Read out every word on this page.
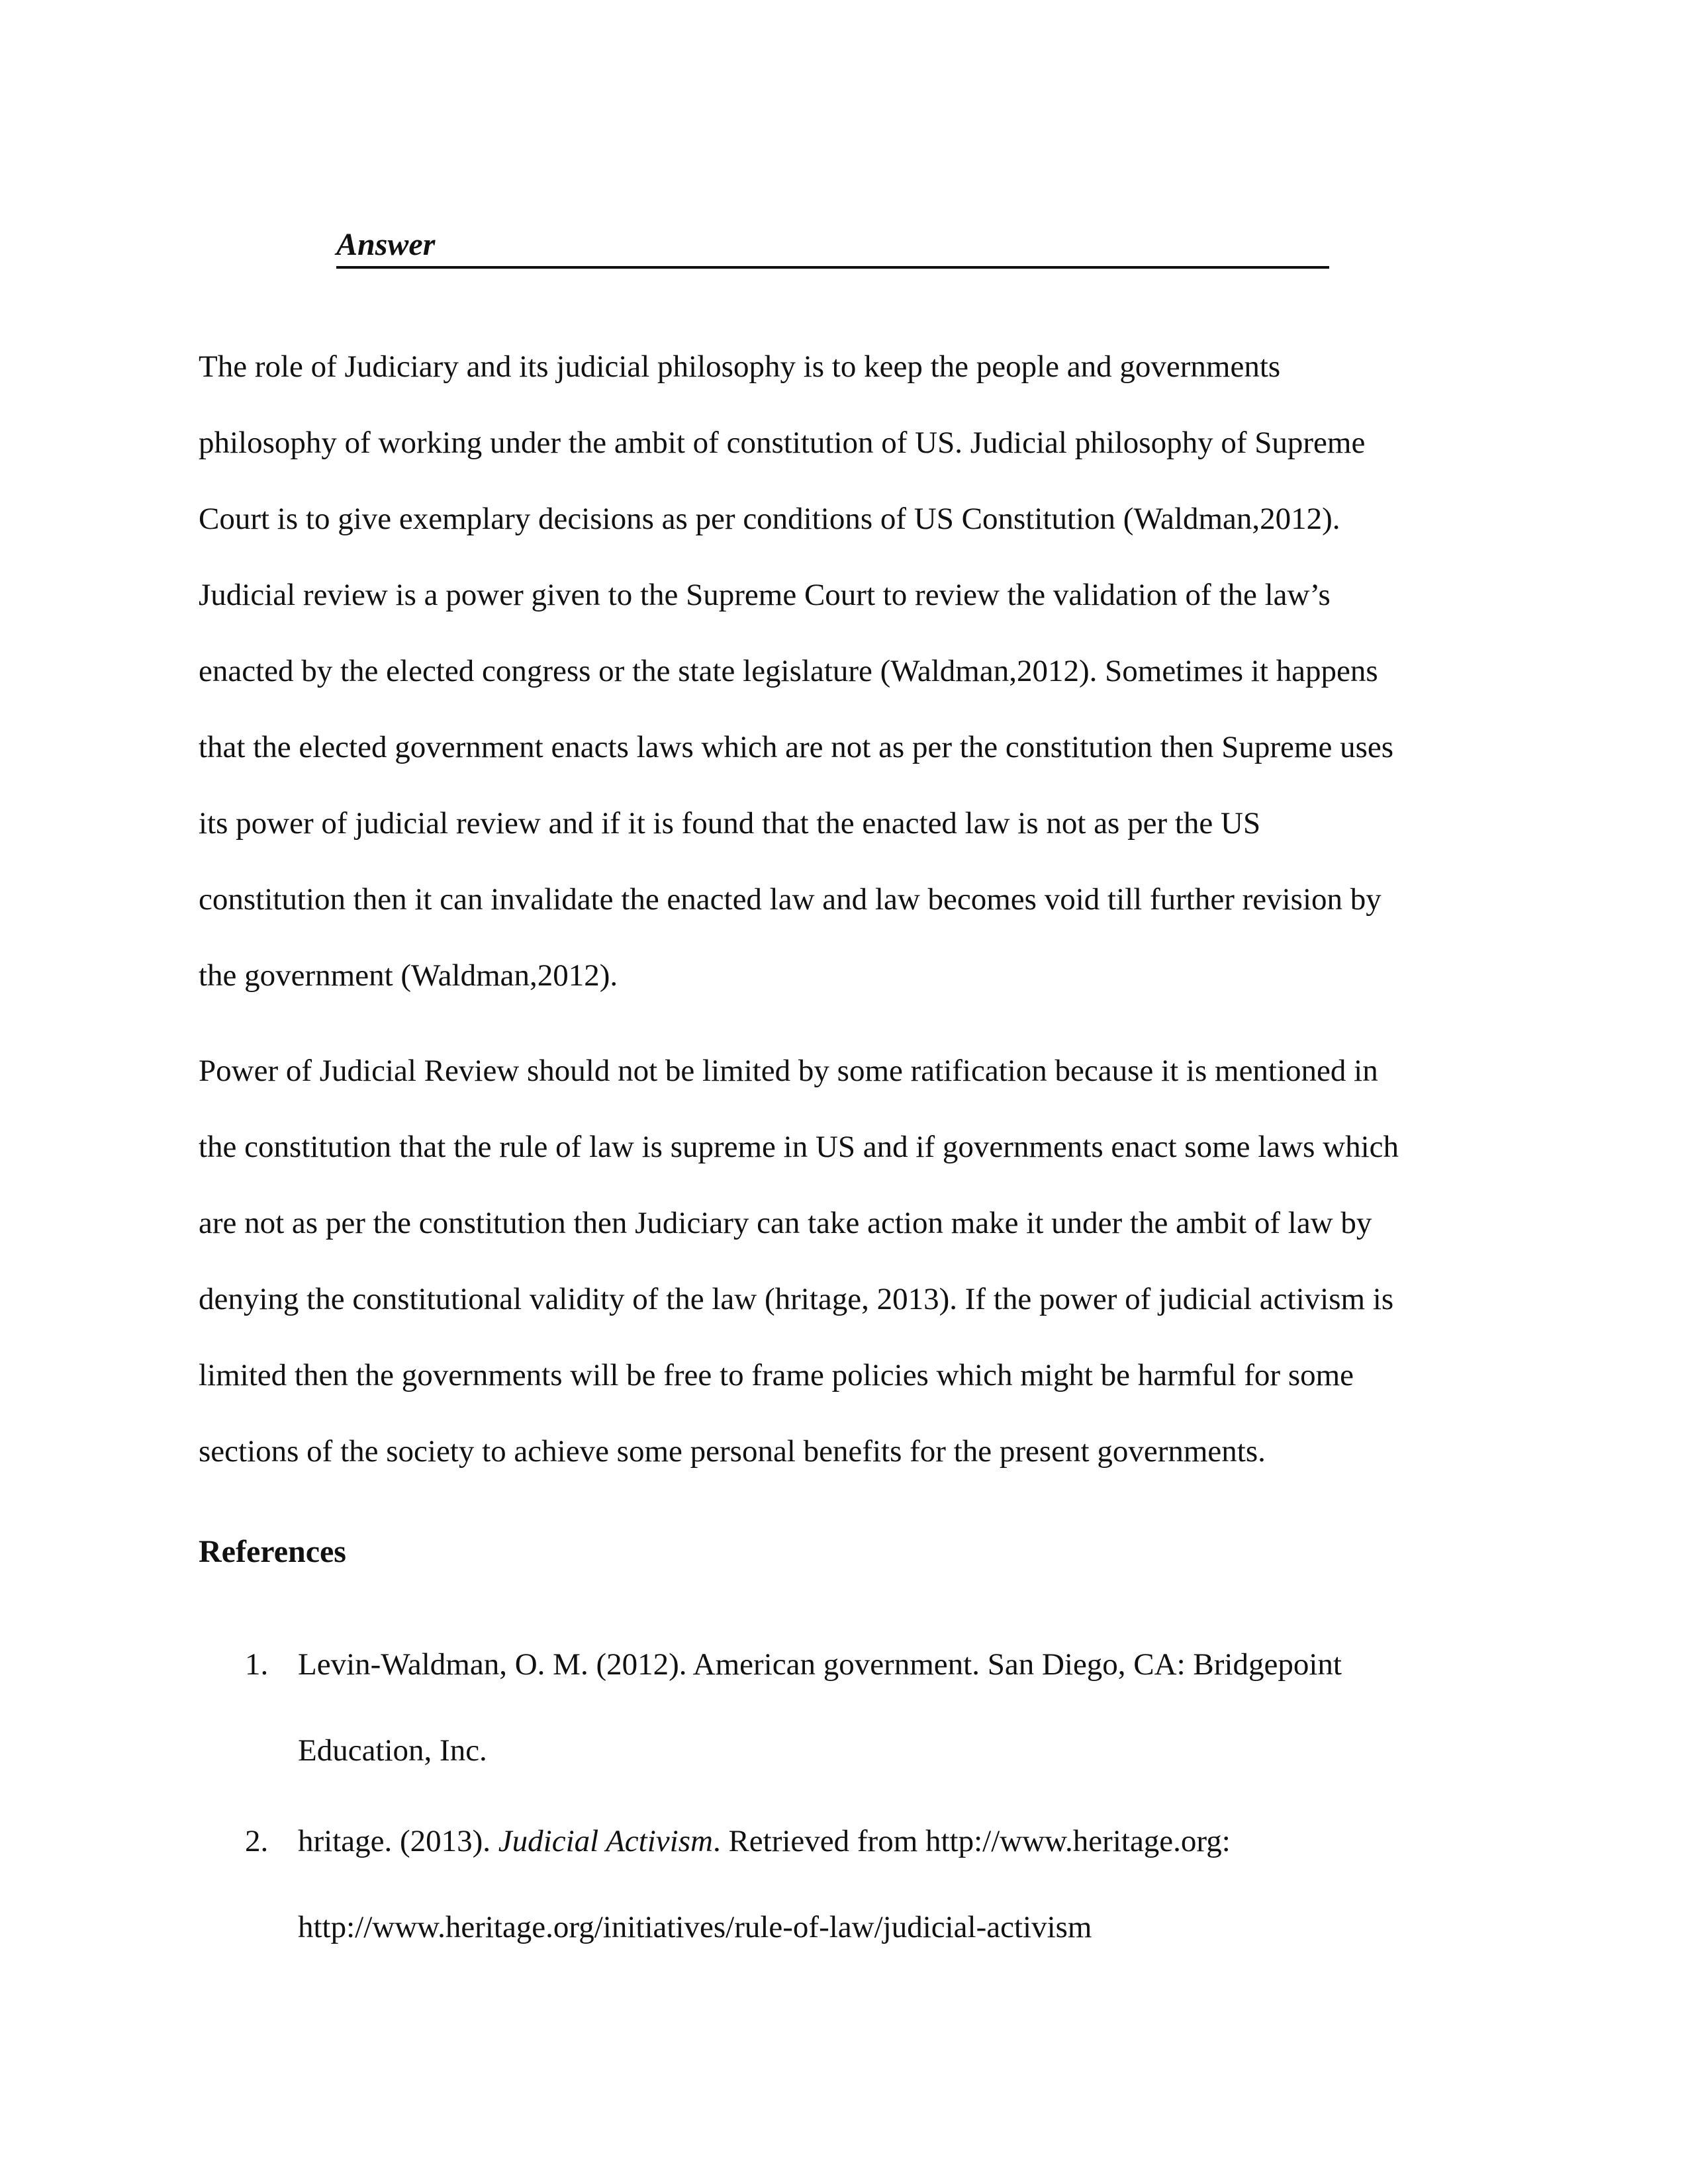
Answer

The role of Judiciary and its judicial philosophy is to keep the people and governments
philosophy of working under the ambit of constitution of US. Judicial philosophy of Supreme
Court is to give exemplary decisions as per conditions of US Constitution (Waldman,2012).
Judicial review is a power given to the Supreme Court to review the validation of the law’s
enacted by the elected congress or the state legislature (Waldman,2012). Sometimes it happens
that the elected government enacts laws which are not as per the constitution then Supreme uses
its power of judicial review and if it is found that the enacted law is not as per the US
constitution then it can invalidate the enacted law and law becomes void till further revision by
the government (Waldman,2012).

Power of Judicial Review should not be limited by some ratification because it is mentioned in
the constitution that the rule of law is supreme in US and if governments enact some laws which
are not as per the constitution then Judiciary can take action make it under the ambit of law by
denying the constitutional validity of the law (hritage, 2013). If the power of judicial activism is
limited then the governments will be free to frame policies which might be harmful for some
sections of the society to achieve some personal benefits for the present governments.

References
1. Levin-Waldman, O. M. (2012). American government. San Diego, CA: Bridgepoint
Education, Inc.
2. hritage. (2013). Judicial Activism. Retrieved from http://www.heritage.org:
http://www.heritage.org/initiatives/rule-of-law/judicial-activism
